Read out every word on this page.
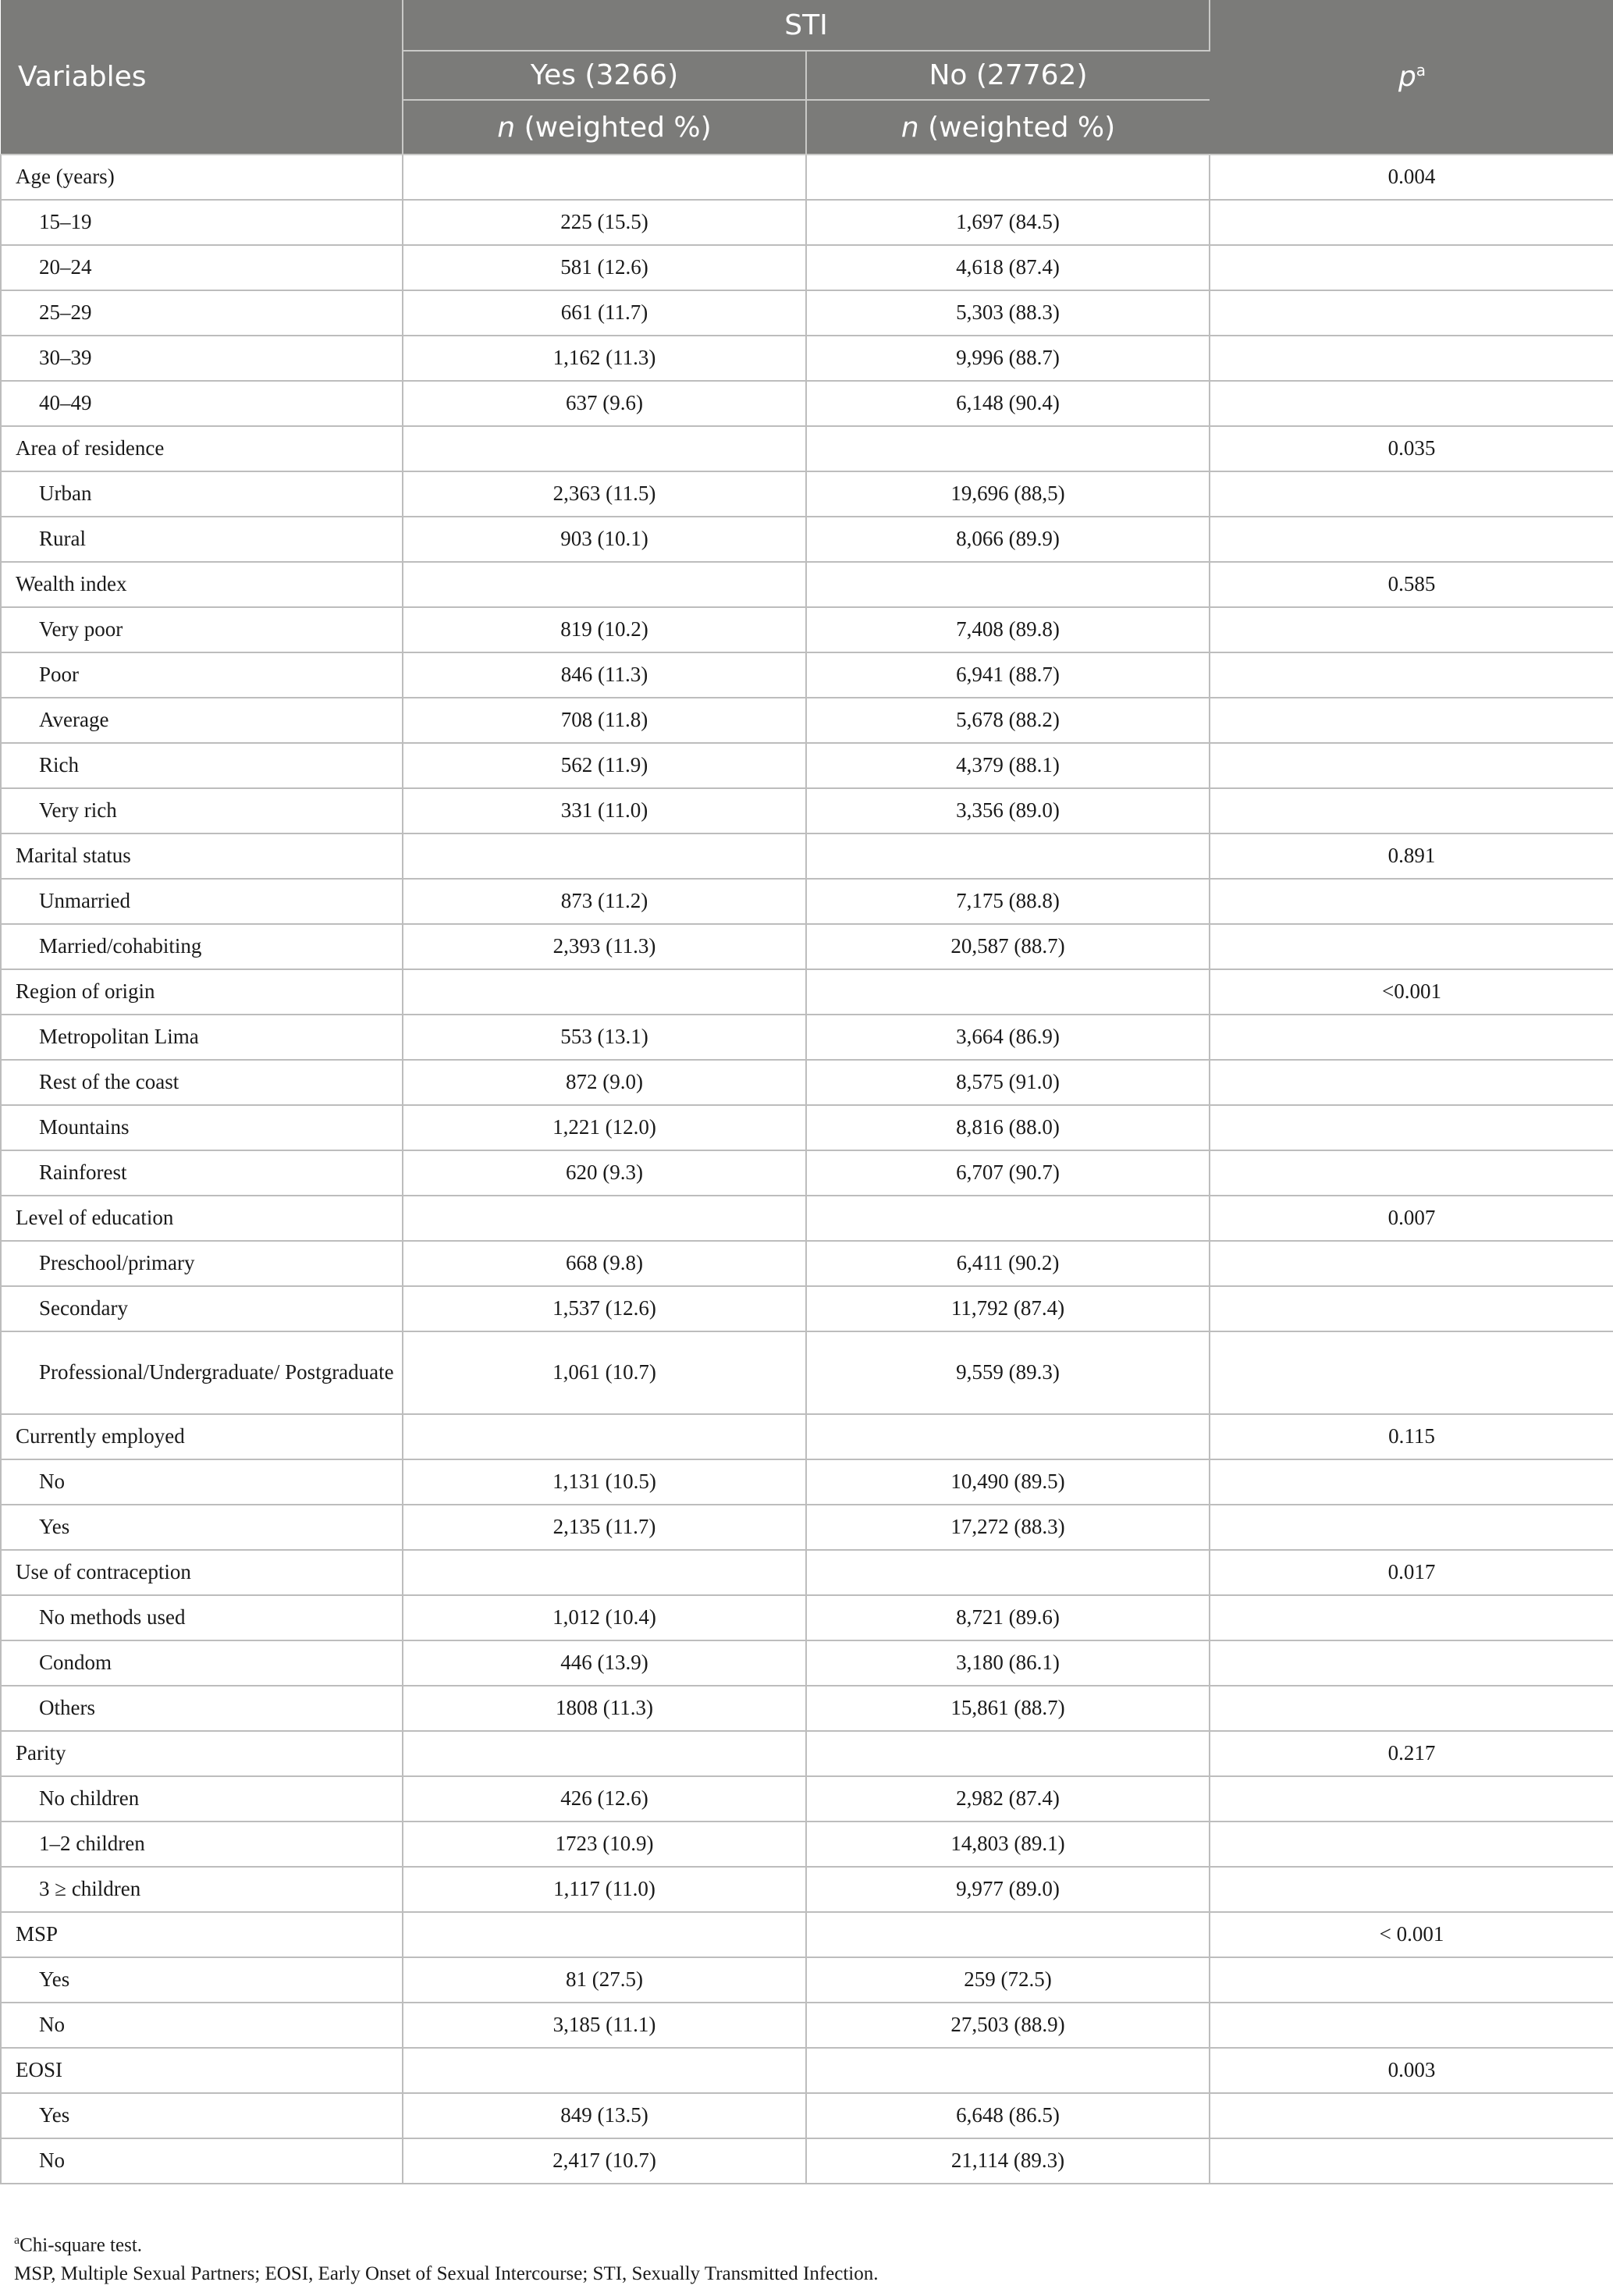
Variables	STI		$p^a$
	Yes (3266)	No (27762)	
	n (weighted %)	n (weighted %)	
Age (years)			0.004
15–19	225 (15.5)	1,697 (84.5)	
20–24	581 (12.6)	4,618 (87.4)	
25–29	661 (11.7)	5,303 (88.3)	
30–39	1,162 (11.3)	9,996 (88.7)	
40–49	637 (9.6)	6,148 (90.4)	
Area of residence			0.035
Urban	2,363 (11.5)	19,696 (88,5)	
Rural	903 (10.1)	8,066 (89.9)	
Wealth index			0.585
Very poor	819 (10.2)	7,408 (89.8)	
Poor	846 (11.3)	6,941 (88.7)	
Average	708 (11.8)	5,678 (88.2)	
Rich	562 (11.9)	4,379 (88.1)	
Very rich	331 (11.0)	3,356 (89.0)	
Marital status			0.891
Unmarried	873 (11.2)	7,175 (88.8)	
Married/cohabiting	2,393 (11.3)	20,587 (88.7)	
Region of origin			<0.001
Metropolitan Lima	553 (13.1)	3,664 (86.9)	
Rest of the coast	872 (9.0)	8,575 (91.0)	
Mountains	1,221 (12.0)	8,816 (88.0)	
Rainforest	620 (9.3)	6,707 (90.7)	
Level of education			0.007
Preschool/primary	668 (9.8)	6,411 (90.2)	
Secondary	1,537 (12.6)	11,792 (87.4)	
Professional/Undergraduate/ Postgraduate	1,061 (10.7)	9,559 (89.3)	
Currently employed			0.115
No	1,131 (10.5)	10,490 (89.5)	
Yes	2,135 (11.7)	17,272 (88.3)	
Use of contraception			0.017
No methods used	1,012 (10.4)	8,721 (89.6)	
Condom	446 (13.9)	3,180 (86.1)	
Others	1808 (11.3)	15,861 (88.7)	
Parity			0.217
No children	426 (12.6)	2,982 (87.4)	
1–2 children	1723 (10.9)	14,803 (89.1)	
3 ≥ children	1,117 (11.0)	9,977 (89.0)	
MSP			< 0.001
Yes	81 (27.5)	259 (72.5)	
No	3,185 (11.1)	27,503 (88.9)	
EOSI			0.003
Yes	849 (13.5)	6,648 (86.5)	
No	2,417 (10.7)	21,114 (89.3)	
$^a$Chi-square test.
MSP, Multiple Sexual Partners; EOSI, Early Onset of Sexual Intercourse; STI, Sexually Transmitted Infection.
